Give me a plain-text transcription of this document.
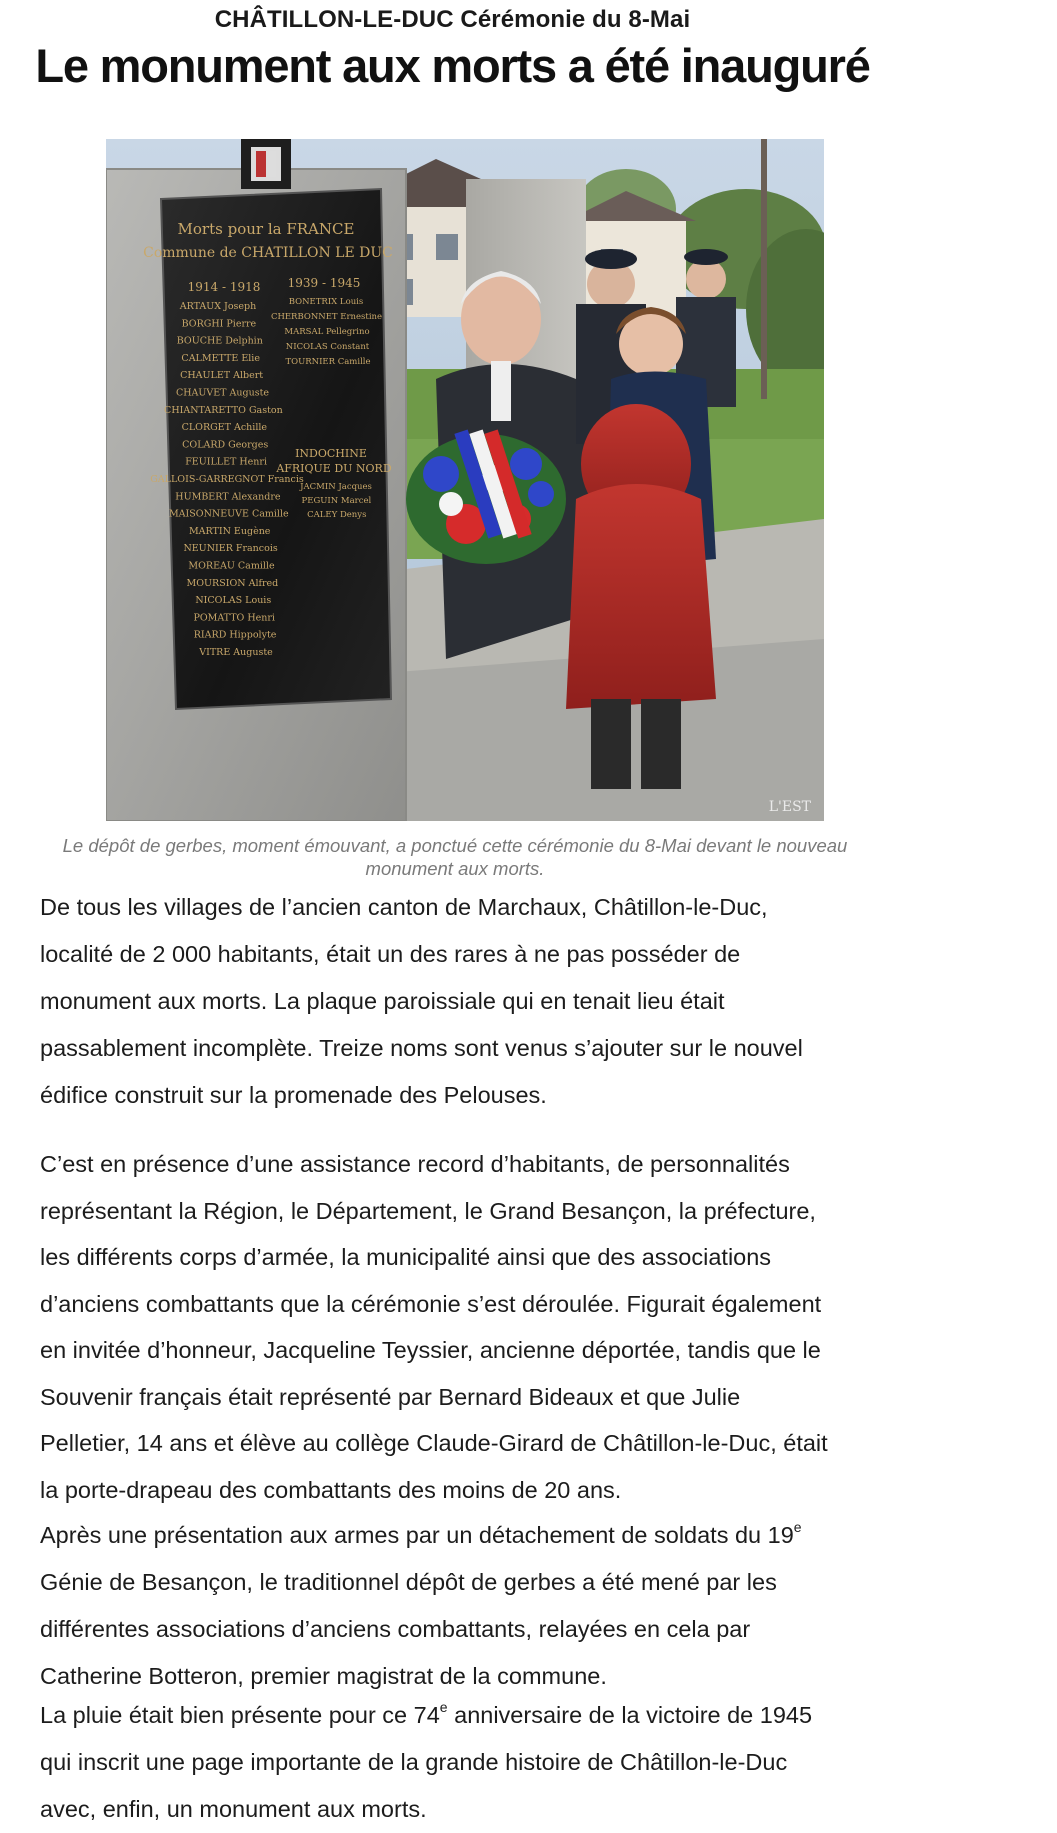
CHÂTILLON-LE-DUC Cérémonie du 8-Mai
Le monument aux morts a été inauguré
Morts pour la FRANCE
Commune de CHATILLON LE DUC
1914 - 1918 1939 - 1945
ARTAUX Joseph
BORGHI Pierre
BOUCHE Delphin
CALMETTE Elie
CHAULET Albert
CHAUVET Auguste
CHIANTARETTO Gaston
CLORGET Achille
COLARD Georges
FEUILLET Henri
GALLOIS-GARREGNOT Francis
HUMBERT Alexandre
MAISONNEUVE Camille
MARTIN Eugène
NEUNIER Francois
MOREAU Camille
MOURSION Alfred
NICOLAS Louis
POMATTO Henri
RIARD Hippolyte
VITRE Auguste
BONETRIX Louis
CHERBONNET Ernestine
MARSAL Pellegrino
NICOLAS Constant
TOURNIER Camille
INDOCHINE
AFRIQUE DU NORD
JACMIN Jacques
PEGUIN Marcel
CALEY Denys
L'EST
Le dépôt de gerbes, moment émouvant, a ponctué cette cérémonie du 8-Mai devant le nouveau
monument aux morts.

De tous les villages de l’ancien canton de Marchaux, Châtillon-le-Duc,
localité de 2 000 habitants, était un des rares à ne pas posséder de
monument aux morts. La plaque paroissiale qui en tenait lieu était
passablement incomplète. Treize noms sont venus s’ajouter sur le nouvel
édifice construit sur la promenade des Pelouses.

C’est en présence d’une assistance record d’habitants, de personnalités
représentant la Région, le Département, le Grand Besançon, la préfecture,
les différents corps d’armée, la municipalité ainsi que des associations
d’anciens combattants que la cérémonie s’est déroulée. Figurait également
en invitée d’honneur, Jacqueline Teyssier, ancienne déportée, tandis que le
Souvenir français était représenté par Bernard Bideaux et que Julie
Pelletier, 14 ans et élève au collège Claude-Girard de Châtillon-le-Duc, était
la porte-drapeau des combattants des moins de 20 ans.

Après une présentation aux armes par un détachement de soldats du 19e
Génie de Besançon, le traditionnel dépôt de gerbes a été mené par les
différentes associations d’anciens combattants, relayées en cela par
Catherine Botteron, premier magistrat de la commune.

La pluie était bien présente pour ce 74e anniversaire de la victoire de 1945
qui inscrit une page importante de la grande histoire de Châtillon-le-Duc
avec, enfin, un monument aux morts.
